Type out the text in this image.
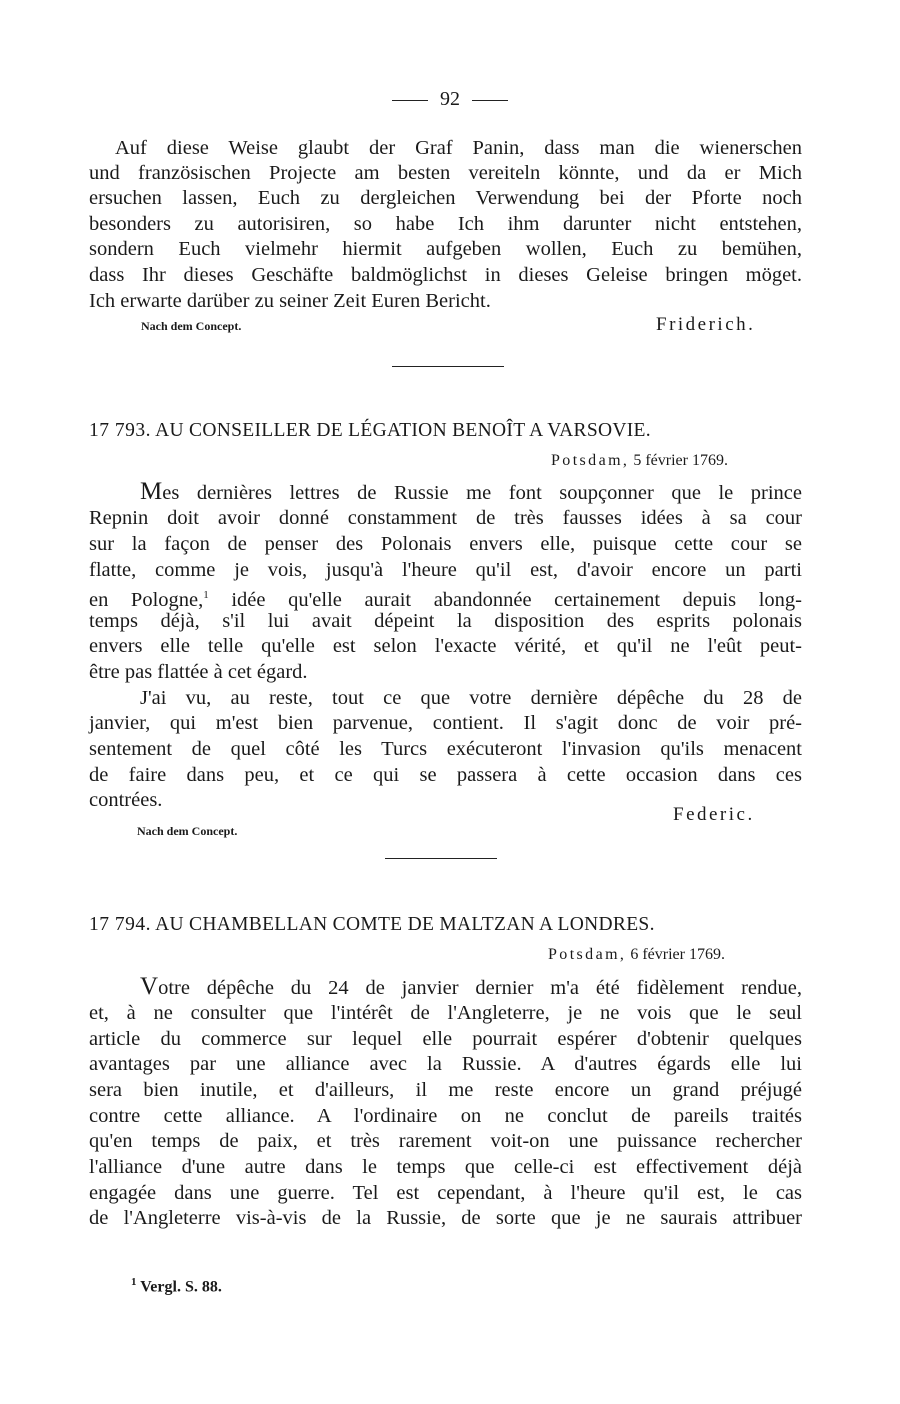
92
Auf diese Weise glaubt der Graf Panin, dass man die wienerschen
und französischen Projecte am besten vereiteln könnte, und da er Mich
ersuchen lassen, Euch zu dergleichen Verwendung bei der Pforte noch
besonders zu autorisiren, so habe Ich ihm darunter nicht entstehen,
sondern Euch vielmehr hiermit aufgeben wollen, Euch zu bemühen,
dass Ihr dieses Geschäfte baldmöglichst in dieses Geleise bringen möget.
Ich erwarte darüber zu seiner Zeit Euren Bericht.
Nach dem Concept.	Friderich.
17 793. AU CONSEILLER DE LÉGATION BENOÎT A VARSOVIE.
Potsdam, 5 février 1769.
Mes dernières lettres de Russie me font soupçonner que le prince
Repnin doit avoir donné constamment de très fausses idées à sa cour
sur la façon de penser des Polonais envers elle, puisque cette cour se
flatte, comme je vois, jusqu'à l'heure qu'il est, d'avoir encore un parti
en Pologne,$^1$ idée qu'elle aurait abandonnée certainement depuis long-
temps déjà, s'il lui avait dépeint la disposition des esprits polonais
envers elle telle qu'elle est selon l'exacte vérité, et qu'il ne l'eût peut-
être pas flattée à cet égard.
J'ai vu, au reste, tout ce que votre dernière dépêche du 28 de
janvier, qui m'est bien parvenue, contient. Il s'agit donc de voir pré-
sentement de quel côté les Turcs exécuteront l'invasion qu'ils menacent
de faire dans peu, et ce qui se passera à cette occasion dans ces
contrées.
Federic.
Nach dem Concept.
17 794. AU CHAMBELLAN COMTE DE MALTZAN A LONDRES.
Potsdam, 6 février 1769.
Votre dépêche du 24 de janvier dernier m'a été fidèlement rendue,
et, à ne consulter que l'intérêt de l'Angleterre, je ne vois que le seul
article du commerce sur lequel elle pourrait espérer d'obtenir quelques
avantages par une alliance avec la Russie. A d'autres égards elle lui
sera bien inutile, et d'ailleurs, il me reste encore un grand préjugé
contre cette alliance. A l'ordinaire on ne conclut de pareils traités
qu'en temps de paix, et très rarement voit-on une puissance rechercher
l'alliance d'une autre dans le temps que celle-ci est effectivement déjà
engagée dans une guerre. Tel est cependant, à l'heure qu'il est, le cas
de l'Angleterre vis-à-vis de la Russie, de sorte que je ne saurais attribuer
$^1$ Vergl. S. 88.
